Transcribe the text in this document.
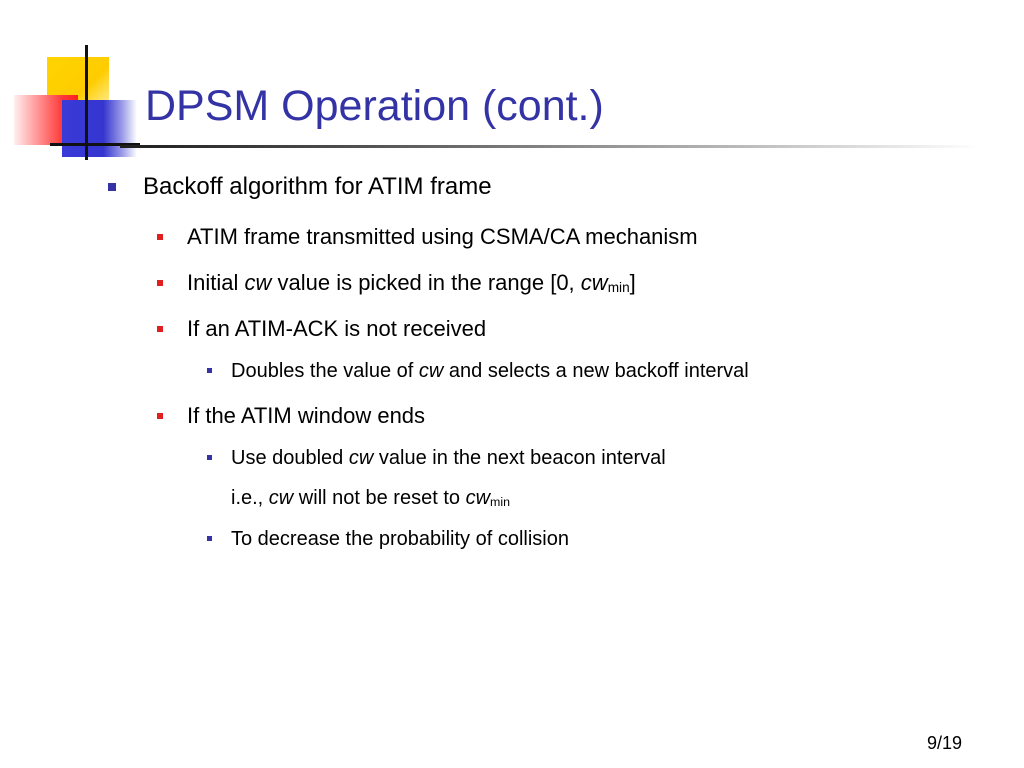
DPSM Operation (cont.)
Backoff algorithm for ATIM frame
ATIM frame transmitted using CSMA/CA mechanism
Initial cw value is picked in the range [0, $cw_{min}$]
If an ATIM-ACK is not received
Doubles the value of cw and selects a new backoff interval
If the ATIM window ends
Use doubled cw value in the next beacon interval
i.e., cw will not be reset to $cw_{min}$
To decrease the probability of collision
9/19
